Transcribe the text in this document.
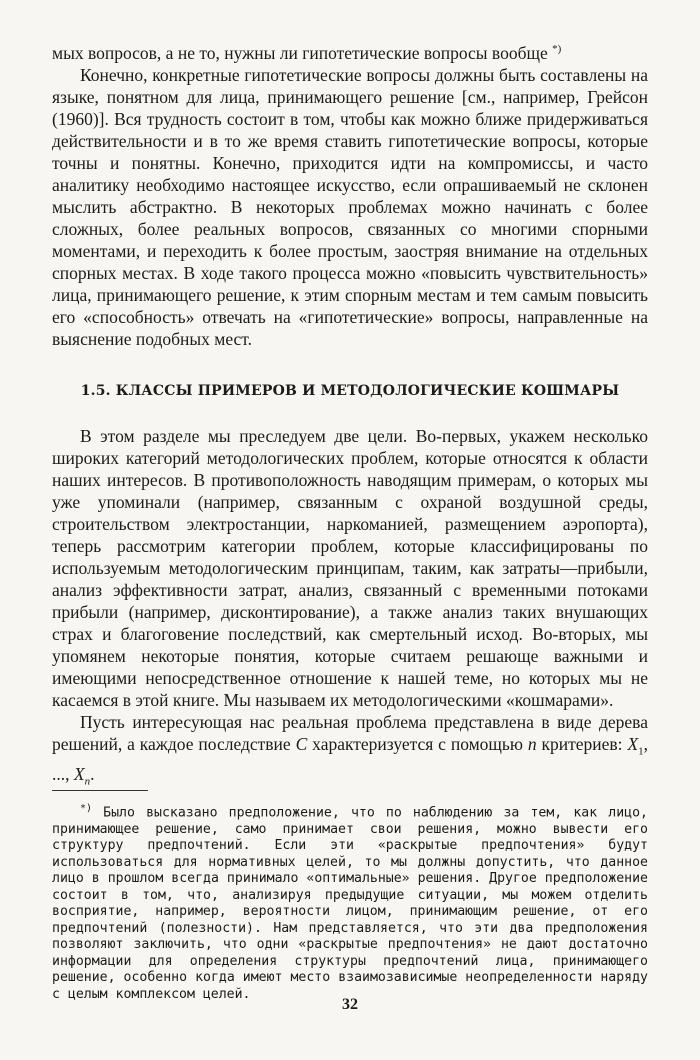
мых вопросов, а не то, нужны ли гипотетические вопросы вообще *)

Конечно, конкретные гипотетические вопросы должны быть составлены на языке, понятном для лица, принимающего решение [см., например, Грейсон (1960)]. Вся трудность состоит в том, чтобы как можно ближе придерживаться действительности и в то же время ставить гипотетические вопросы, которые точны и понятны. Конечно, приходится идти на компромиссы, и часто аналитику необходимо настоящее искусство, если опрашиваемый не склонен мыслить абстрактно. В некоторых проблемах можно начинать с более сложных, более реальных вопросов, связанных со многими спорными моментами, и переходить к более простым, заостряя внимание на отдельных спорных местах. В ходе такого процесса можно «повысить чувствительность» лица, принимающего решение, к этим спорным местам и тем самым повысить его «способность» отвечать на «гипотетические» вопросы, направленные на выяснение подобных мест.

1.5. КЛАССЫ ПРИМЕРОВ И МЕТОДОЛОГИЧЕСКИЕ КОШМАРЫ

В этом разделе мы преследуем две цели. Во-первых, укажем несколько широких категорий методологических проблем, которые относятся к области наших интересов. В противоположность наводящим примерам, о которых мы уже упоминали (например, связанным с охраной воздушной среды, строительством электростанции, наркоманией, размещением аэропорта), теперь рассмотрим категории проблем, которые классифицированы по используемым методологическим принципам, таким, как затраты—прибыли, анализ эффективности затрат, анализ, связанный с временными потоками прибыли (например, дисконтирование), а также анализ таких внушающих страх и благоговение последствий, как смертельный исход. Во-вторых, мы упомянем некоторые понятия, которые считаем решающе важными и имеющими непосредственное отношение к нашей теме, но которых мы не касаемся в этой книге. Мы называем их методологическими «кошмарами».

Пусть интересующая нас реальная проблема представлена в виде дерева решений, а каждое последствие C характеризуется с помощью n критериев: $X_1$, ..., $X_n$.

*) Было высказано предположение, что по наблюдению за тем, как лицо, принимающее решение, само принимает свои решения, можно вывести его структуру предпочтений. Если эти «раскрытые предпочтения» будут использоваться для нормативных целей, то мы должны допустить, что данное лицо в прошлом всегда принимало «оптимальные» решения. Другое предположение состоит в том, что, анализируя предыдущие ситуации, мы можем отделить восприятие, например, вероятности лицом, принимающим решение, от его предпочтений (полезности). Нам представляется, что эти два предположения позволяют заключить, что одни «раскрытые предпочтения» не дают достаточно информации для определения структуры предпочтений лица, принимающего решение, особенно когда имеют место взаимозависимые неопределенности наряду с целым комплексом целей.

32
